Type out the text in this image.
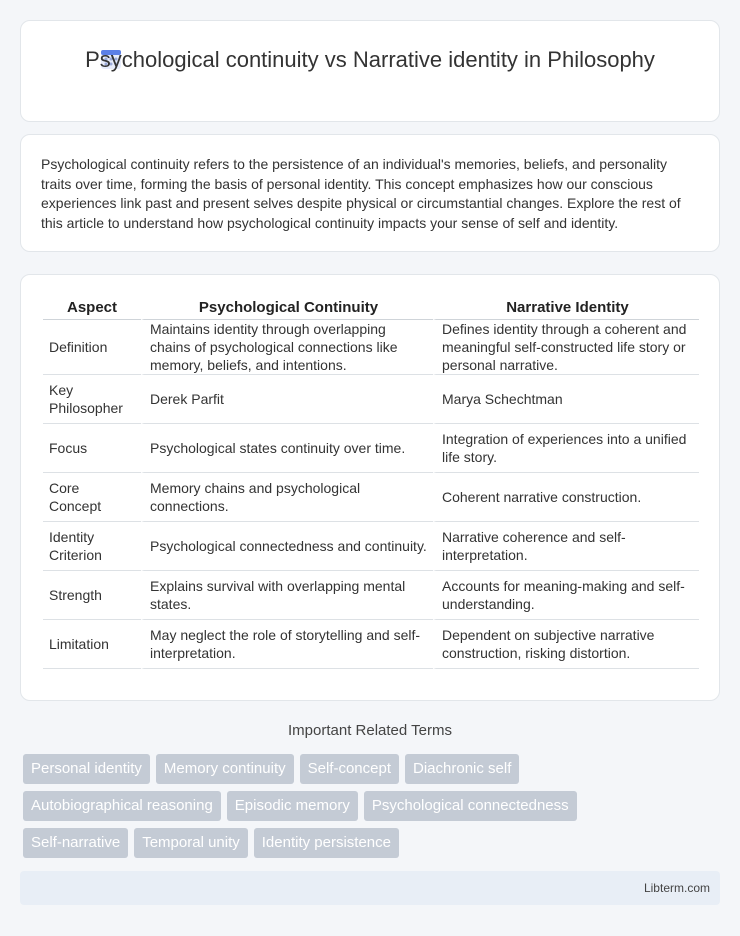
Psychological continuity vs Narrative identity in Philosophy

Psychological continuity refers to the persistence of an individual's memories, beliefs, and personality traits over time, forming the basis of personal identity. This concept emphasizes how our conscious experiences link past and present selves despite physical or circumstantial changes. Explore the rest of this article to understand how psychological continuity impacts your sense of self and identity.

Aspect	Psychological Continuity	Narrative Identity
Definition	Maintains identity through overlapping chains of psychological connections like memory, beliefs, and intentions.	Defines identity through a coherent and meaningful self-constructed life story or personal narrative.
Key Philosopher	Derek Parfit	Marya Schechtman
Focus	Psychological states continuity over time.	Integration of experiences into a unified life story.
Core Concept	Memory chains and psychological connections.	Coherent narrative construction.
Identity Criterion	Psychological connectedness and continuity.	Narrative coherence and self-interpretation.
Strength	Explains survival with overlapping mental states.	Accounts for meaning-making and self-understanding.
Limitation	May neglect the role of storytelling and self-interpretation.	Dependent on subjective narrative construction, risking distortion.
Important Related Terms
Personal identity	Memory continuity	Self-concept	Diachronic self
Autobiographical reasoning	Episodic memory	Psychological connectedness
Self-narrative	Temporal unity	Identity persistence
Libterm.com
